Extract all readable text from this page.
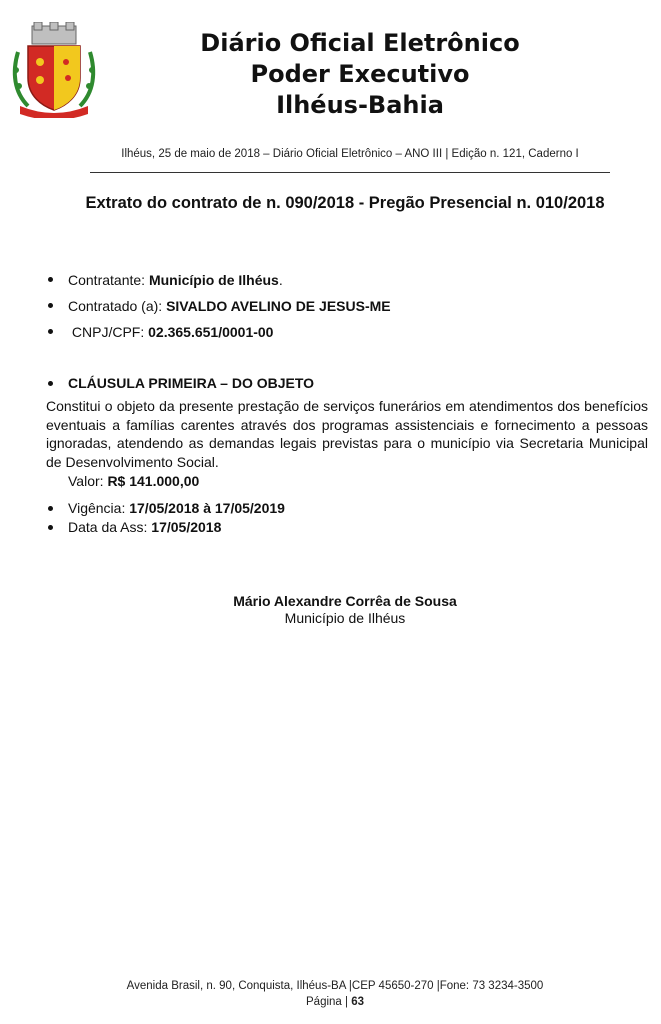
Diário Oficial Eletrônico
Poder Executivo
Ilhéus-Bahia
Ilhéus, 25 de maio de 2018 – Diário Oficial Eletrônico – ANO III | Edição n. 121, Caderno I
Extrato do contrato de n. 090/2018 - Pregão Presencial n. 010/2018
Contratante: Município de Ilhéus.
Contratado (a): SIVALDO AVELINO DE JESUS-ME
CNPJ/CPF: 02.365.651/0001-00
CLÁUSULA PRIMEIRA – DO OBJETO
Constitui o objeto da presente prestação de serviços funerários em atendimentos dos benefícios eventuais a famílias carentes através dos programas assistenciais e fornecimento a pessoas ignoradas, atendendo as demandas legais previstas para o município via Secretaria Municipal de Desenvolvimento Social.
Valor: R$ 141.000,00
Vigência: 17/05/2018 à 17/05/2019
Data da Ass: 17/05/2018
Mário Alexandre Corrêa de Sousa
Município de Ilhéus
Avenida Brasil, n. 90, Conquista, Ilhéus-BA |CEP 45650-270 |Fone: 73 3234-3500
Página | 63
